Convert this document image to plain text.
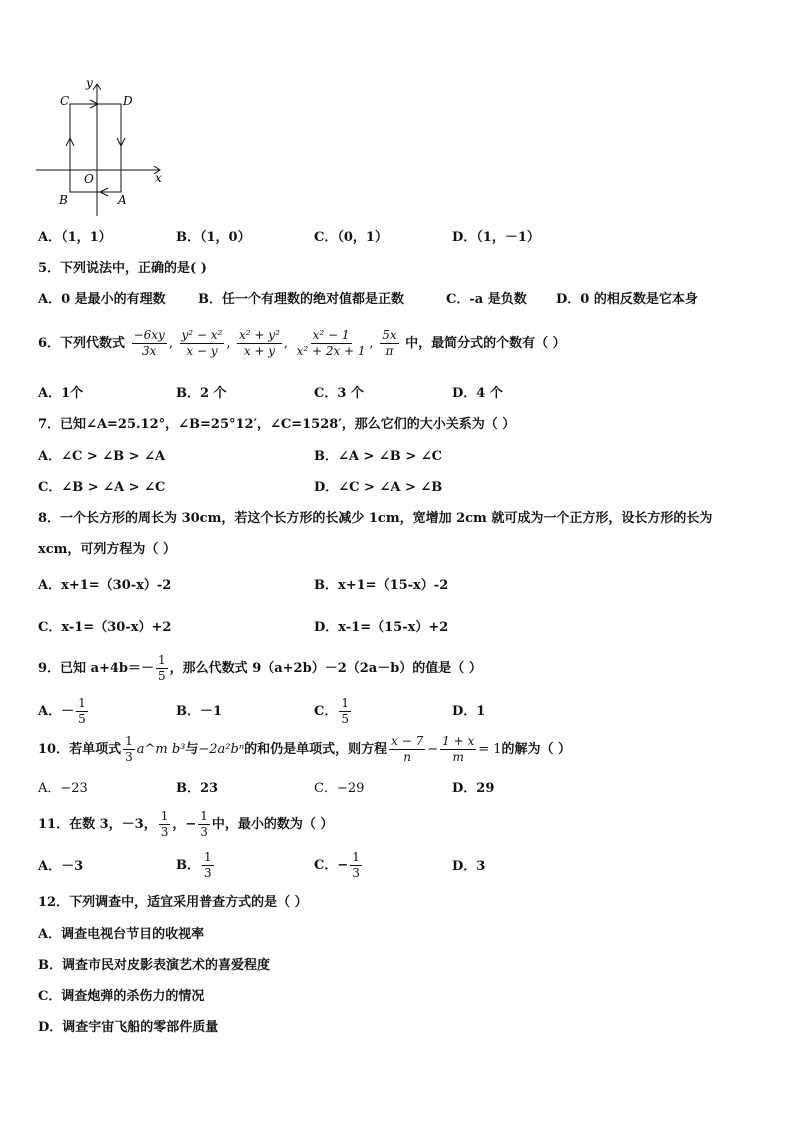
y
x
O
C	D
B	A
A．（1，1）	B．（1，0）	C．（0，1）	D．（1，－1）
5．下列说法中，正确的是( )
A．0 是最小的有理数 B．任一个有理数的绝对值都是正数	C．-a 是负数 D．0 的相反数是它本身
6．下列代数式 $\frac{-6xy}{3x}$ , $\frac{\text{y² − x²}}{x - y}$ , $\frac{\text{x² + y²}}{x + y}$ , $\frac{\text{x² − 1}}{\text{x² + 2x + 1}}$ , $\frac{5x}{\pi}$ 中，最简分式的个数有（ ）
A．1个	B．2 个	C．3 个	D．4 个
7．已知∠A=25.12°，∠B=25°12′，∠C=1528′，那么它们的大小关系为（ ）
A．∠C > ∠B > ∠A	B．∠A > ∠B > ∠C
C．∠B > ∠A > ∠C	D．∠C > ∠A > ∠B
8．一个长方形的周长为 30cm，若这个长方形的长减少 1cm，宽增加 2cm 就可成为一个正方形，设长方形的长为
xcm，可列方程为（ ）
A．x+1=（30-x）-2	B．x+1=（15-x）-2
C．x-1=（30-x）+2	D．x-1=（15-x）+2
9．已知 $a+4b=- \frac{1}{5}$ ，那么代数式 9（a+2b）－2（2a－b）的值是（ ）
A．－ $\frac{1}{5}$	B．－1	C． $\frac{1}{5}$	D．1
10．若单项式 $\frac{1}{3}$ a^m b³与−2a²bⁿ的和仍是单项式，则方程 $\frac{x - 7}{n} - \frac{1 + x}{m} = 1$的解为（ ）
A．−23	B．23	C．−29	D．29
11．在数 3，－3， $\frac{1}{3}$ ，− $\frac{1}{3}$ 中，最小的数为（ ）
A．－3	B． $\frac{1}{3}$	C．− $\frac{1}{3}$	D．3
12．下列调查中，适宜采用普查方式的是（ ）
A．调查电视台节目的收视率
B．调查市民对皮影表演艺术的喜爱程度
C．调查炮弹的杀伤力的情况
D．调查宇宙飞船的零部件质量
